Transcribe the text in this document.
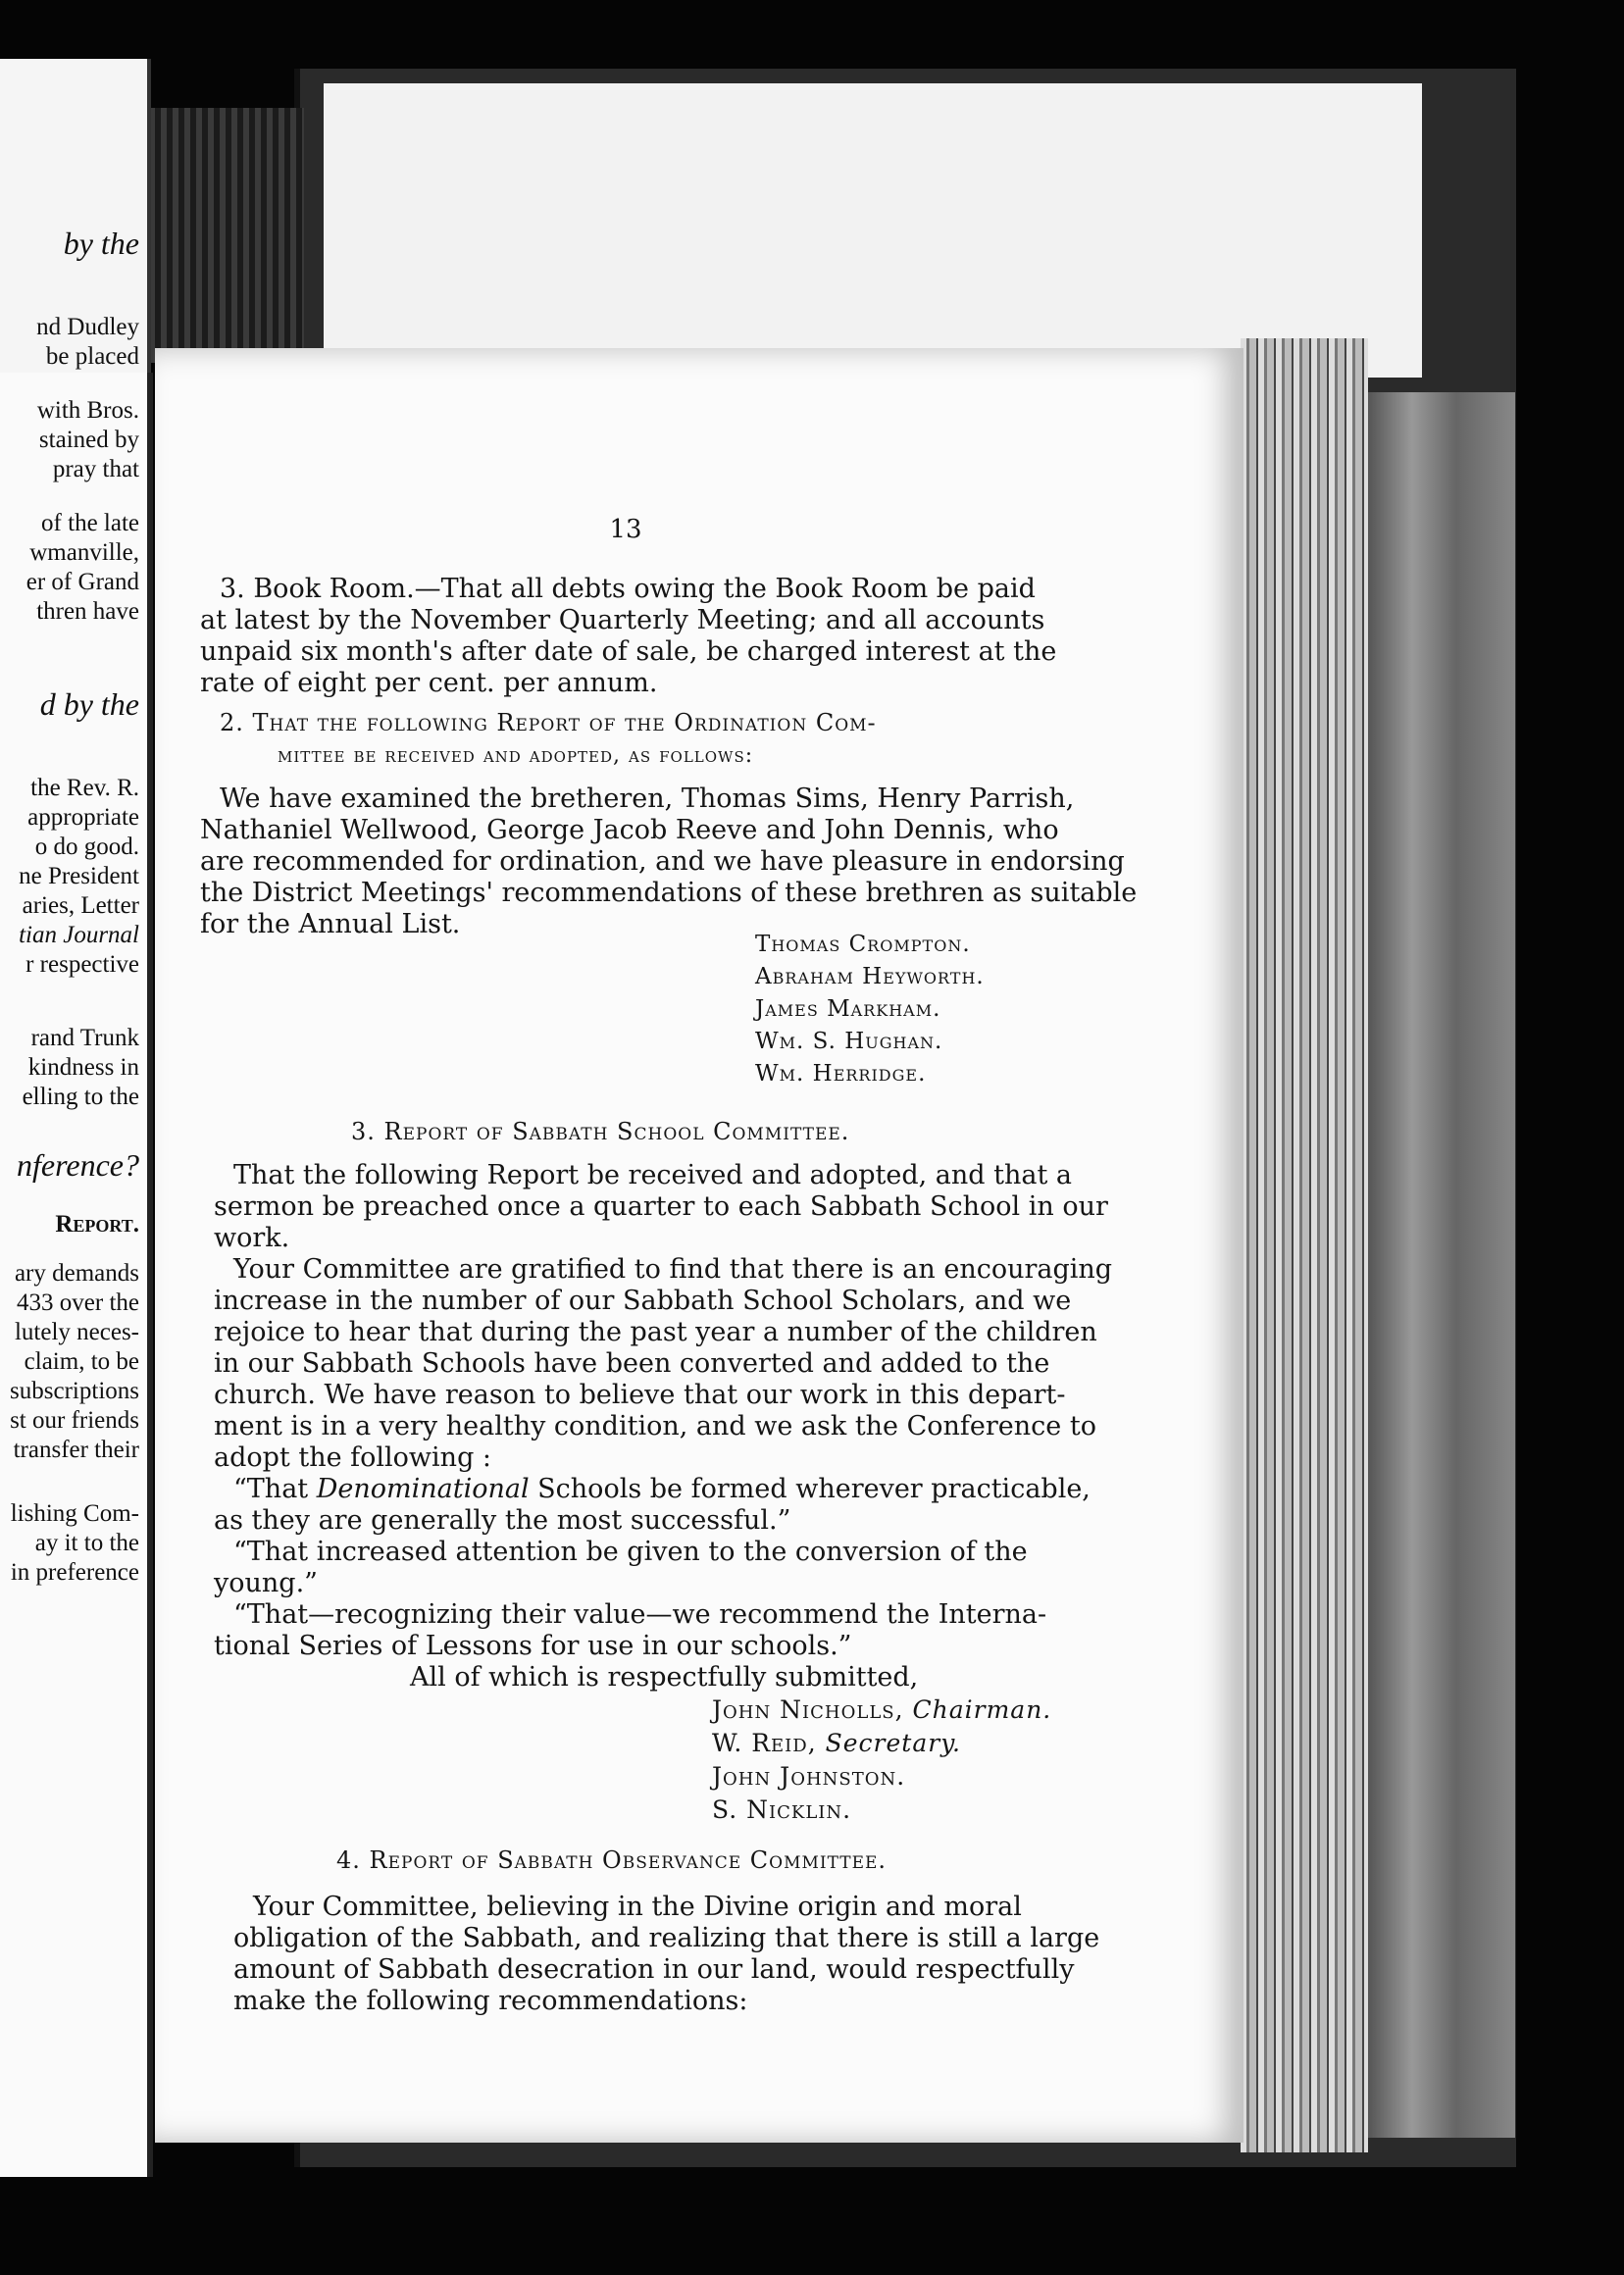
by the
nd Dudley
be placed
with Bros.
stained by
pray that
of the late
wmanville,
er of Grand
thren have
d by the
the Rev. R.
appropriate
o do good.
ne President
aries, Letter
tian Journal
r respective
rand Trunk
kindness in
elling to the
nference?
Report.
ary demands
433 over the
lutely neces-
claim, to be
subscriptions
st our friends
transfer their
lishing Com-
ay it to the
in preference
13
3. Book Room.—That all debts owing the Book Room be paid
at latest by the November Quarterly Meeting; and all accounts
unpaid six month's after date of sale, be charged interest at the
rate of eight per cent. per annum.
2. That the following Report of the Ordination Com-
mittee be received and adopted, as follows:
We have examined the bretheren, Thomas Sims, Henry Parrish,
Nathaniel Wellwood, George Jacob Reeve and John Dennis, who
are recommended for ordination, and we have pleasure in endorsing
the District Meetings' recommendations of these brethren as suitable
for the Annual List.
Thomas Crompton.
Abraham Heyworth.
James Markham.
Wm. S. Hughan.
Wm. Herridge.
3. Report of Sabbath School Committee.
That the following Report be received and adopted, and that a
sermon be preached once a quarter to each Sabbath School in our
work.
Your Committee are gratified to find that there is an encouraging
increase in the number of our Sabbath School Scholars, and we
rejoice to hear that during the past year a number of the children
in our Sabbath Schools have been converted and added to the
church. We have reason to believe that our work in this depart-
ment is in a very healthy condition, and we ask the Conference to
adopt the following :
“That Denominational Schools be formed wherever practicable,
as they are generally the most successful.”
“That increased attention be given to the conversion of the
young.”
“That—recognizing their value—we recommend the Interna-
tional Series of Lessons for use in our schools.”
All of which is respectfully submitted,
John Nicholls, Chairman.
W. Reid, Secretary.
John Johnston.
S. Nicklin.
4. Report of Sabbath Observance Committee.
Your Committee, believing in the Divine origin and moral
obligation of the Sabbath, and realizing that there is still a large
amount of Sabbath desecration in our land, would respectfully
make the following recommendations:
